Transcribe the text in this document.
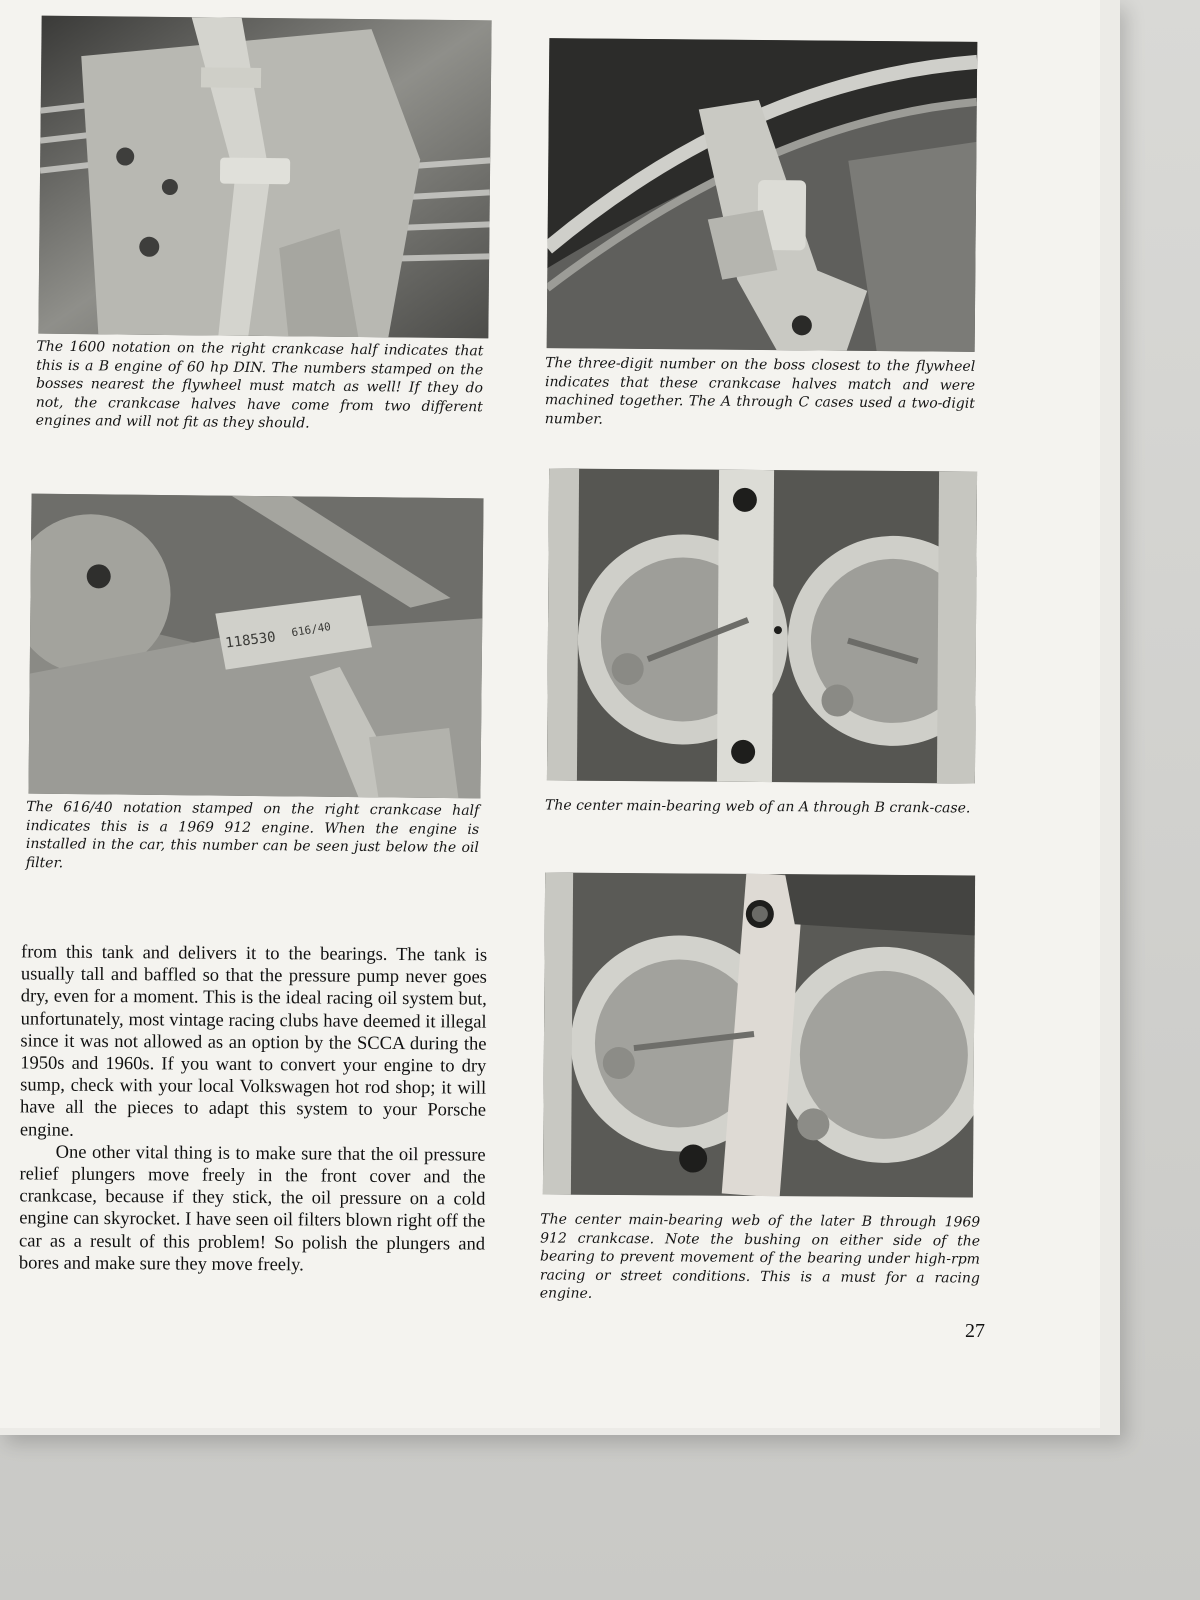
The 1600 notation on the right crankcase half indicates that this is a B engine of 60 hp DIN. The numbers stamped on the bosses nearest the flywheel must match as well! If they do not, the crankcase halves have come from two different engines and will not fit as they should.
The three-digit number on the boss closest to the flywheel indicates that these crankcase halves match and were machined together. The A through C cases used a two-digit number.
118530 616/40
The 616/40 notation stamped on the right crankcase half indicates this is a 1969 912 engine. When the engine is installed in the car, this number can be seen just below the oil filter.
The center main-bearing web of an A through B crank-case.
The center main-bearing web of the later B through 1969 912 crankcase. Note the bushing on either side of the bearing to prevent movement of the bearing under high-rpm racing or street conditions. This is a must for a racing engine.

from this tank and delivers it to the bearings. The tank is usually tall and baffled so that the pressure pump never goes dry, even for a moment. This is the ideal racing oil system but, unfortunately, most vintage racing clubs have deemed it illegal since it was not allowed as an option by the SCCA during the 1950s and 1960s. If you want to convert your engine to dry sump, check with your local Volkswagen hot rod shop; it will have all the pieces to adapt this system to your Porsche engine.

One other vital thing is to make sure that the oil pressure relief plungers move freely in the front cover and the crankcase, because if they stick, the oil pressure on a cold engine can skyrocket. I have seen oil filters blown right off the car as a result of this problem! So polish the plungers and bores and make sure they move freely.

27
